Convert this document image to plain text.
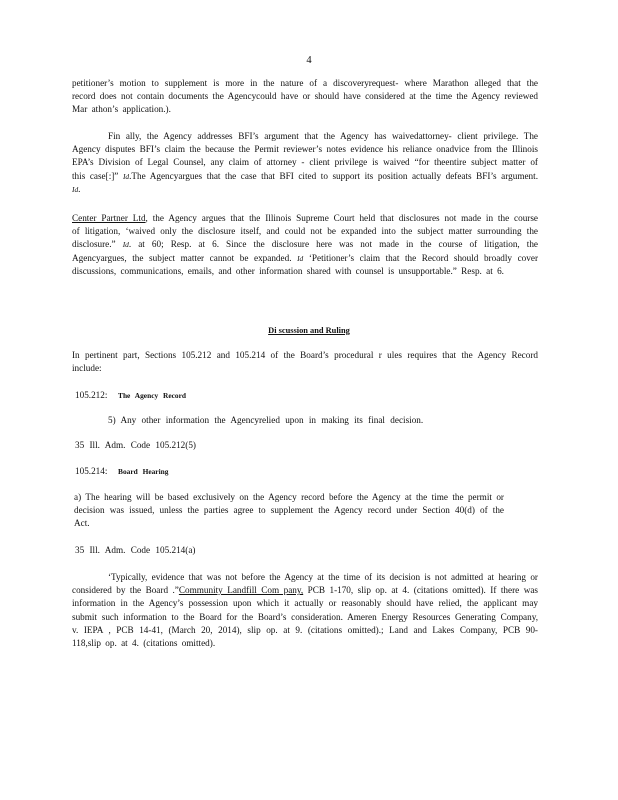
4

petitioner’s motion to supplement is more in the nature of a discoveryrequest- where Marathon alleged that the record does not contain documents the Agencycould have or should have considered at the time the Agency reviewed Mar athon’s application.).

Fin ally, the Agency addresses BFI’s argument that the Agency has waivedattorney- client privilege. The Agency disputes BFI’s claim the because the Permit reviewer’s notes evidence his reliance onadvice from the Illinois EPA’s Division of Legal Counsel, any claim of attorney - client privilege is waived “for theentire subject matter of this case[:]” Id.The Agencyargues that the case that BFI cited to support its position actually defeats BFI’s argument. Id.

Center Partner Ltd, the Agency argues that the Illinois Supreme Court held that disclosures not made in the course of litigation, ‘waived only the disclosure itself, and could not be expanded into the subject matter surrounding the disclosure.” Id. at 60; Resp. at 6. Since the disclosure here was not made in the course of litigation, the Agencyargues, the subject matter cannot be expanded. Id ‘Petitioner’s claim that the Record should broadly cover discussions, communications, emails, and other information shared with counsel is unsupportable.” Resp. at 6.

Di scussion and Ruling

In pertinent part, Sections 105.212 and 105.214 of the Board’s procedural r ules requires that the Agency Record include:

105.212: The Agency Record
5) Any other information the Agencyrelied upon in making its final decision.
35 Ill. Adm. Code 105.212(5)
105.214: Board Hearing

a) The hearing will be based exclusively on the Agency record before the Agency at the time the permit or decision was issued, unless the parties agree to supplement the Agency record under Section 40(d) of the Act.

35 Ill. Adm. Code 105.214(a)

‘Typically, evidence that was not before the Agency at the time of its decision is not admitted at hearing or considered by the Board .”Community Landfill Com pany, PCB 1-170, slip op. at 4. (citations omitted). If there was information in the Agency’s possession upon which it actually or reasonably should have relied, the applicant may submit such information to the Board for the Board’s consideration. Ameren Energy Resources Generating Company, v. IEPA , PCB 14-41, (March 20, 2014), slip op. at 9. (citations omitted).; Land and Lakes Company, PCB 90-118,slip op. at 4. (citations omitted).
